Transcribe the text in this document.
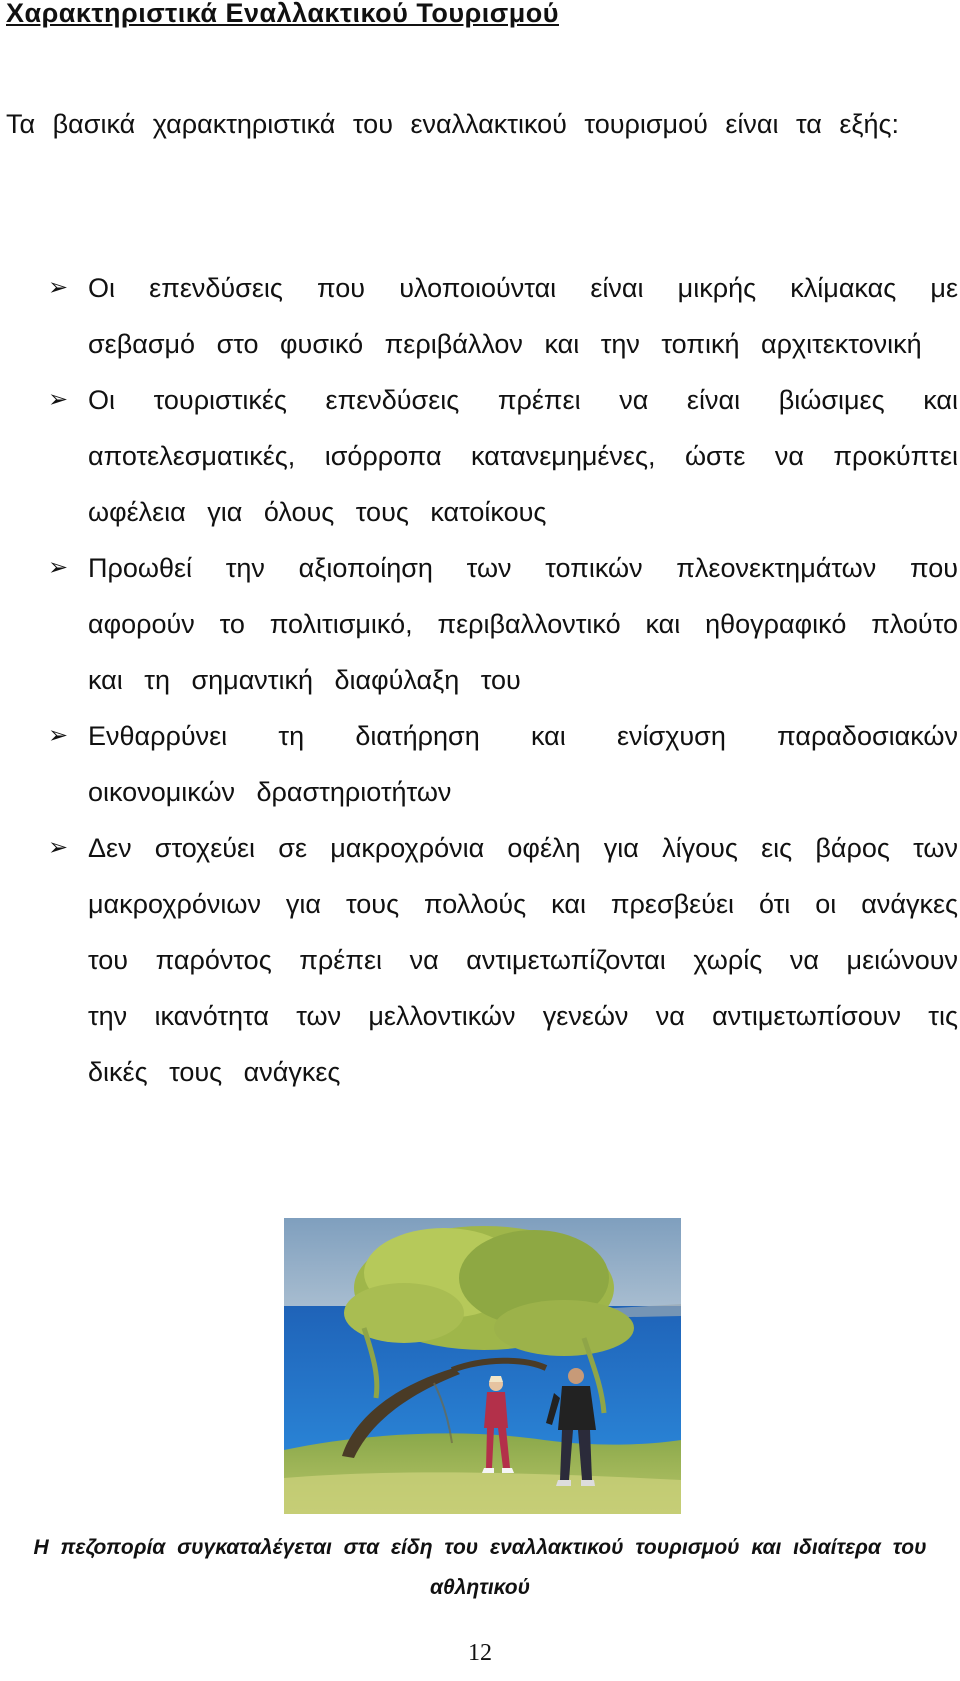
Χαρακτηριστικά Εναλλακτικού Τουρισμού
Τα βασικά χαρακτηριστικά του εναλλακτικού τουρισμού είναι τα εξής:
➢ Οι επενδύσεις που υλοποιούνται είναι μικρής κλίμακας με σεβασμό στο φυσικό περιβάλλον και την τοπική αρχιτεκτονική
➢ Οι τουριστικές επενδύσεις πρέπει να είναι βιώσιμες και αποτελεσματικές, ισόρροπα κατανεμημένες, ώστε να προκύπτει ωφέλεια για όλους τους κατοίκους
➢ Προωθεί την αξιοποίηση των τοπικών πλεονεκτημάτων που αφορούν το πολιτισμικό, περιβαλλοντικό και ηθογραφικό πλούτο και τη σημαντική διαφύλαξη του
➢ Ενθαρρύνει τη διατήρηση και ενίσχυση παραδοσιακών οικονομικών δραστηριοτήτων
➢ Δεν στοχεύει σε μακροχρόνια οφέλη για λίγους εις βάρος των μακροχρόνιων για τους πολλούς και πρεσβεύει ότι οι ανάγκες του παρόντος πρέπει να αντιμετωπίζονται χωρίς να μειώνουν την ικανότητα των μελλοντικών γενεών να αντιμετωπίσουν τις δικές τους ανάγκες
Η πεζοπορία συγκαταλέγεται στα είδη του εναλλακτικού τουρισμού και ιδιαίτερα του αθλητικού
12
